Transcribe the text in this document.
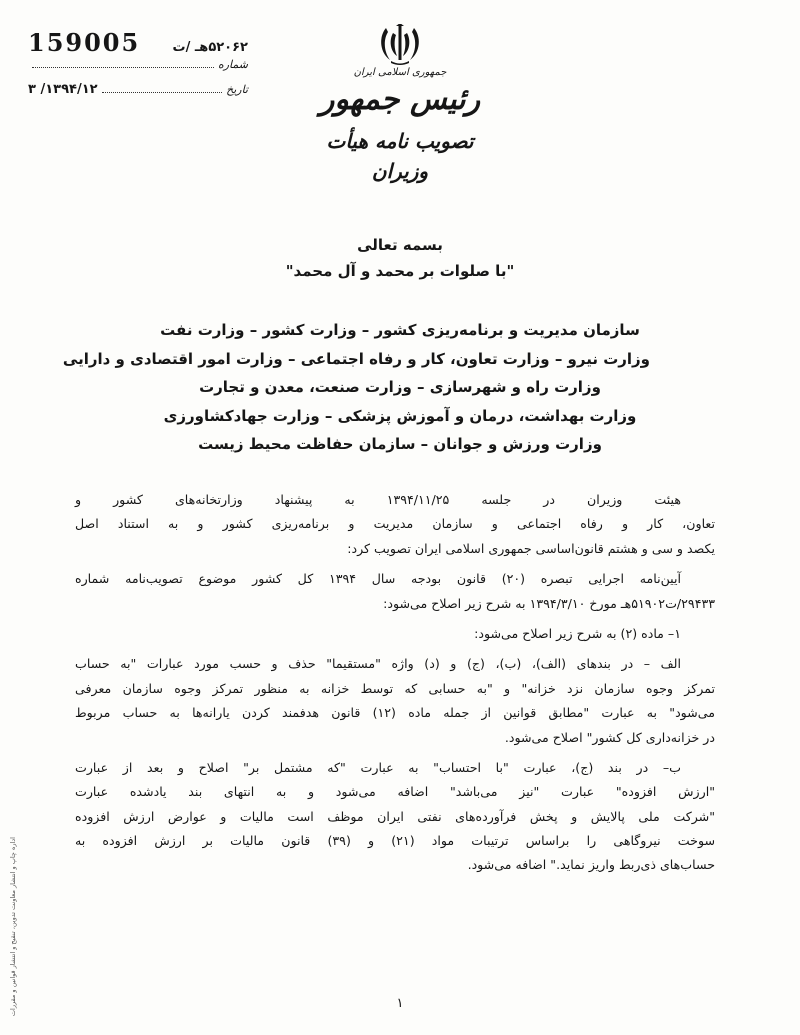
۵۲۰۶۲هـ /ت
159005
شماره
تاریخ
۱۳۹۴/۱۲/ ۳
جمهوری اسلامی ایران
رئیس جمهور
تصویب نامه هیأت وزیران
بسمه تعالی
"با صلوات بر محمد و آل محمد"
سازمان مدیریت و برنامه‌ریزی کشور – وزارت کشور – وزارت نفت
وزارت نیرو – وزارت تعاون، کار و رفاه اجتماعی – وزارت امور اقتصادی و دارایی
وزارت راه و شهرسازی – وزارت صنعت، معدن و تجارت
وزارت بهداشت، درمان و آموزش پزشکی – وزارت جهادکشاورزی
وزارت ورزش و جوانان – سازمان حفاظت محیط زیست
هیئت وزیران در جلسه ۱۳۹۴/۱۱/۲۵ به پیشنهاد وزارتخانه‌های کشور و
تعاون، کار و رفاه اجتماعی و سازمان مدیریت و برنامه‌ریزی کشور و به استناد اصل
یکصد و سی و هشتم قانون‌اساسی جمهوری اسلامی ایران تصویب کرد:
آیین‌نامه اجرایی تبصره (۲۰) قانون بودجه سال ۱۳۹۴ کل کشور موضوع تصویب‌نامه شماره
۲۹۴۳۳/ت۵۱۹۰۲هـ مورخ ۱۳۹۴/۳/۱۰ به شرح زیر اصلاح می‌شود:
۱– ماده (۲) به شرح زیر اصلاح می‌شود:
الف – در بندهای (الف)، (ب)، (ج) و (د) واژه "مستقیما" حذف و حسب مورد عبارات "به حساب
تمرکز وجوه سازمان نزد خزانه" و "به حسابی که توسط خزانه به منظور تمرکز وجوه سازمان معرفی
می‌شود" به عبارت "مطابق قوانین از جمله ماده (۱۲) قانون هدفمند کردن یارانه‌ها به حساب مربوط
در خزانه‌داری کل کشور" اصلاح می‌شود.
ب– در بند (ج)، عبارت "با احتساب" به عبارت "که مشتمل بر" اصلاح و بعد از عبارت
"ارزش افزوده" عبارت "نیز می‌باشد" اضافه می‌شود و به انتهای بند یادشده عبارت
"شرکت ملی پالایش و پخش فرآورده‌های نفتی ایران موظف است مالیات و عوارض ارزش افزوده
سوخت نیروگاهی را براساس ترتیبات مواد (۲۱) و (۳۹) قانون مالیات بر ارزش افزوده به
حساب‌های ذی‌ربط واریز نماید." اضافه می‌شود.
اداره چاپ و انتشار معاونت تدوین، تنقیح و انتشار قوانین و مقررات	۱
